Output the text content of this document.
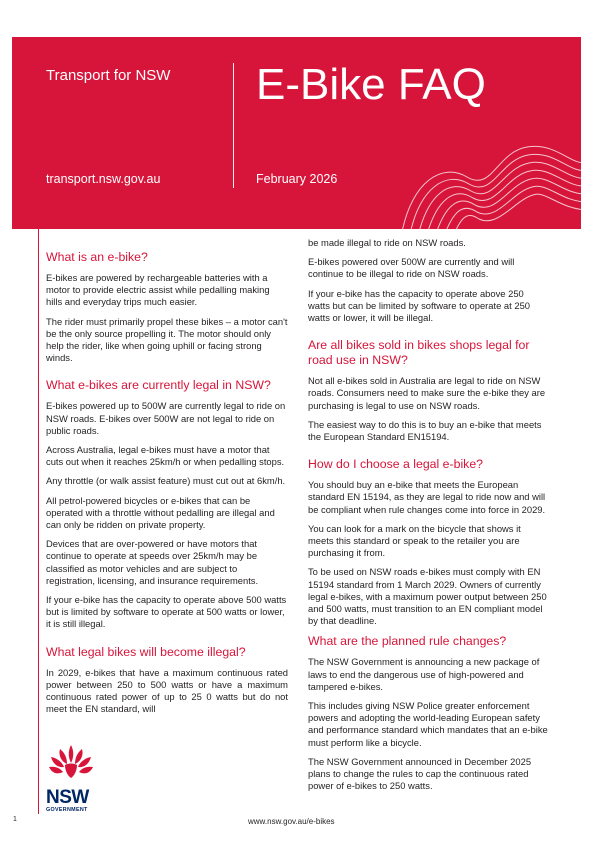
Transport for NSW E-Bike FAQ
transport.nsw.gov.au	February 2026
What is an e-bike?

E-bikes are powered by rechargeable batteries with a motor to provide electric assist while pedalling making hills and everyday trips much easier.

The rider must primarily propel these bikes – a motor can't be the only source propelling it. The motor should only help the rider, like when going uphill or facing strong winds.

What e-bikes are currently legal in NSW?

E-bikes powered up to 500W are currently legal to ride on NSW roads. E-bikes over 500W are not legal to ride on public roads.

Across Australia, legal e-bikes must have a motor that cuts out when it reaches 25km/h or when pedalling stops.

Any throttle (or walk assist feature) must cut out at 6km/h.

All petrol-powered bicycles or e-bikes that can be operated with a throttle without pedalling are illegal and can only be ridden on private property.

Devices that are over-powered or have motors that continue to operate at speeds over 25km/h may be classified as motor vehicles and are subject to registration, licensing, and insurance requirements.

If your e-bike has the capacity to operate above 500 watts but is limited by software to operate at 500 watts or lower, it is still illegal.

What legal bikes will become illegal?

In 2029, e-bikes that have a maximum continuous rated power between 250 to 500 watts or have a maximum continuous rated power of up to 25 0 watts but do not meet the EN standard, will

be made illegal to ride on NSW roads.

E-bikes powered over 500W are currently and will continue to be illegal to ride on NSW roads.

If your e-bike has the capacity to operate above 250 watts but can be limited by software to operate at 250 watts or lower, it will be illegal.

Are all bikes sold in bikes shops legal for road use in NSW?

Not all e-bikes sold in Australia are legal to ride on NSW roads. Consumers need to make sure the e-bike they are purchasing is legal to use on NSW roads.

The easiest way to do this is to buy an e-bike that meets the European Standard EN15194.

How do I choose a legal e-bike?

You should buy an e-bike that meets the European standard EN 15194, as they are legal to ride now and will be compliant when rule changes come into force in 2029.

You can look for a mark on the bicycle that shows it meets this standard or speak to the retailer you are purchasing it from.

To be used on NSW roads e-bikes must comply with EN 15194 standard from 1 March 2029. Owners of currently legal e-bikes, with a maximum power output between 250 and 500 watts, must transition to an EN compliant model by that deadline.

What are the planned rule changes?

The NSW Government is announcing a new package of laws to end the dangerous use of high-powered and tampered e-bikes.

This includes giving NSW Police greater enforcement powers and adopting the world-leading European safety and performance standard which mandates that an e-bike must perform like a bicycle.

The NSW Government announced in December 2025 plans to change the rules to cap the continuous rated power of e-bikes to 250 watts.

NSW
GOVERNMENT
1	www.nsw.gov.au/e-bikes
